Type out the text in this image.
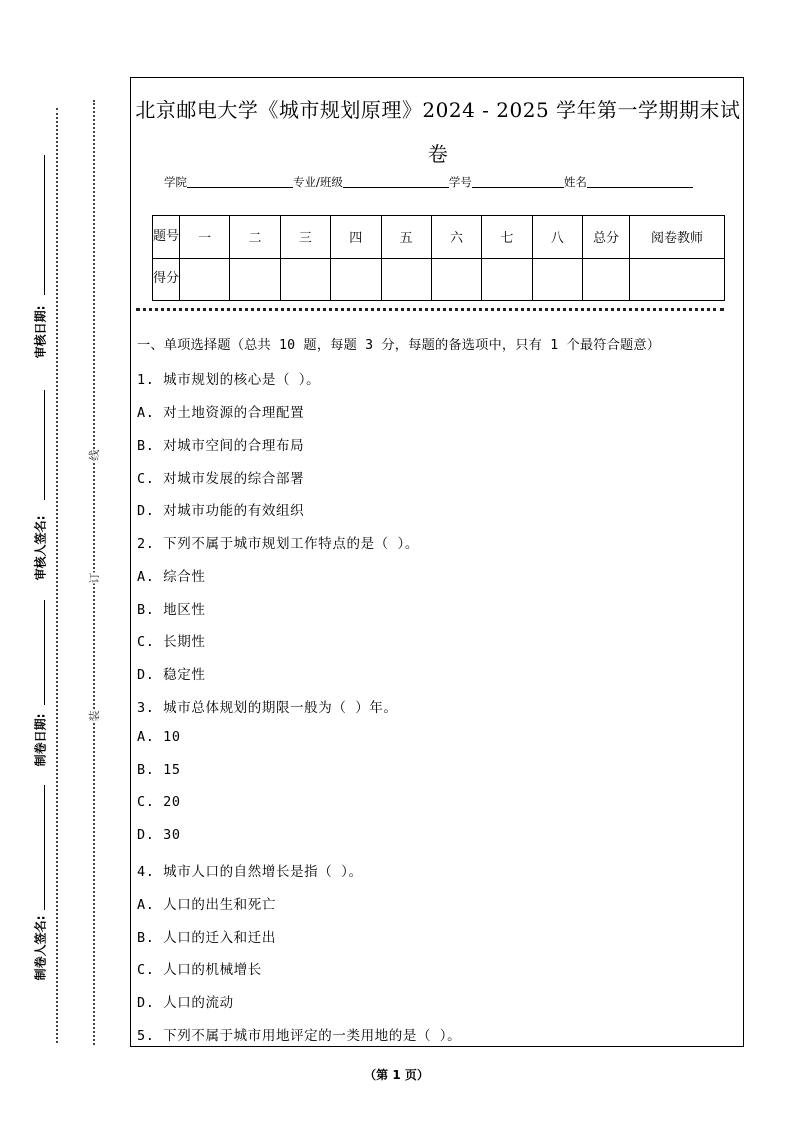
审核日期:
审核人签名:
制卷日期:
制卷人签名:
线
订
装
北京邮电大学《城市规划原理》2024 - 2025 学年第一学期期末试
卷
学院	专业/班级	学号	姓名
题号	一	二	三	四	五	六	七	八	总分	阅卷教师
得分										
一、单项选择题（总共 10 题，每题 3 分，每题的备选项中，只有 1 个最符合题意）
1. 城市规划的核心是（ ）。
A. 对土地资源的合理配置
B. 对城市空间的合理布局
C. 对城市发展的综合部署
D. 对城市功能的有效组织
2. 下列不属于城市规划工作特点的是（ ）。
A. 综合性
B. 地区性
C. 长期性
D. 稳定性
3. 城市总体规划的期限一般为（ ）年。
A. 10
B. 15
C. 20
D. 30
4. 城市人口的自然增长是指（ ）。
A. 人口的出生和死亡
B. 人口的迁入和迁出
C. 人口的机械增长
D. 人口的流动
5. 下列不属于城市用地评定的一类用地的是（ ）。
（第 1 页）
